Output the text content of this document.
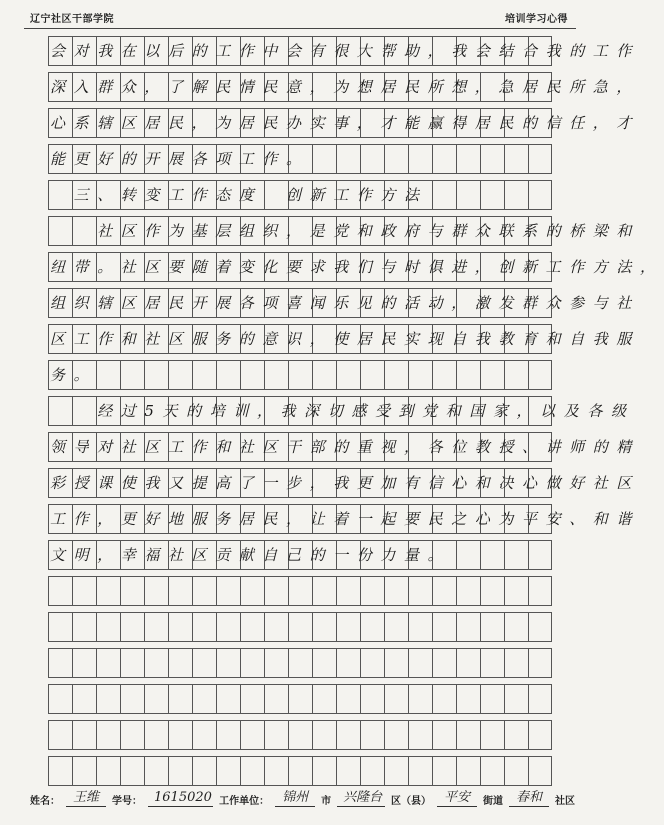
辽宁社区干部学院	培训学习心得
会对我在以后的工作中会有很大帮助，我会结合我的工作
深入群众，了解民情民意，为想居民所想，急居民所急，
心系辖区居民，为居民办实事，才能赢得居民的信任，才
能更好的开展各项工作。
　三、转变工作态度　创新工作方法
　　社区作为基层组织，是党和政府与群众联系的桥梁和
纽带。社区要随着变化要求我们与时俱进，创新工作方法，
组织辖区居民开展各项喜闻乐见的活动，激发群众参与社
区工作和社区服务的意识，使居民实现自我教育和自我服
务。
　　经过5天的培训，我深切感受到党和国家，以及各级
领导对社区工作和社区干部的重视，各位教授、讲师的精
彩授课使我又提高了一步，我更加有信心和决心做好社区
工作，更好地服务居民，让着一起要民之心为平安、和谐
文明，幸福社区贡献自己的一份力量。
姓名： 王维	学号： 1615020 工作单位： 锦州	市 兴隆台 区（县） 平安	街道 春和	社区
